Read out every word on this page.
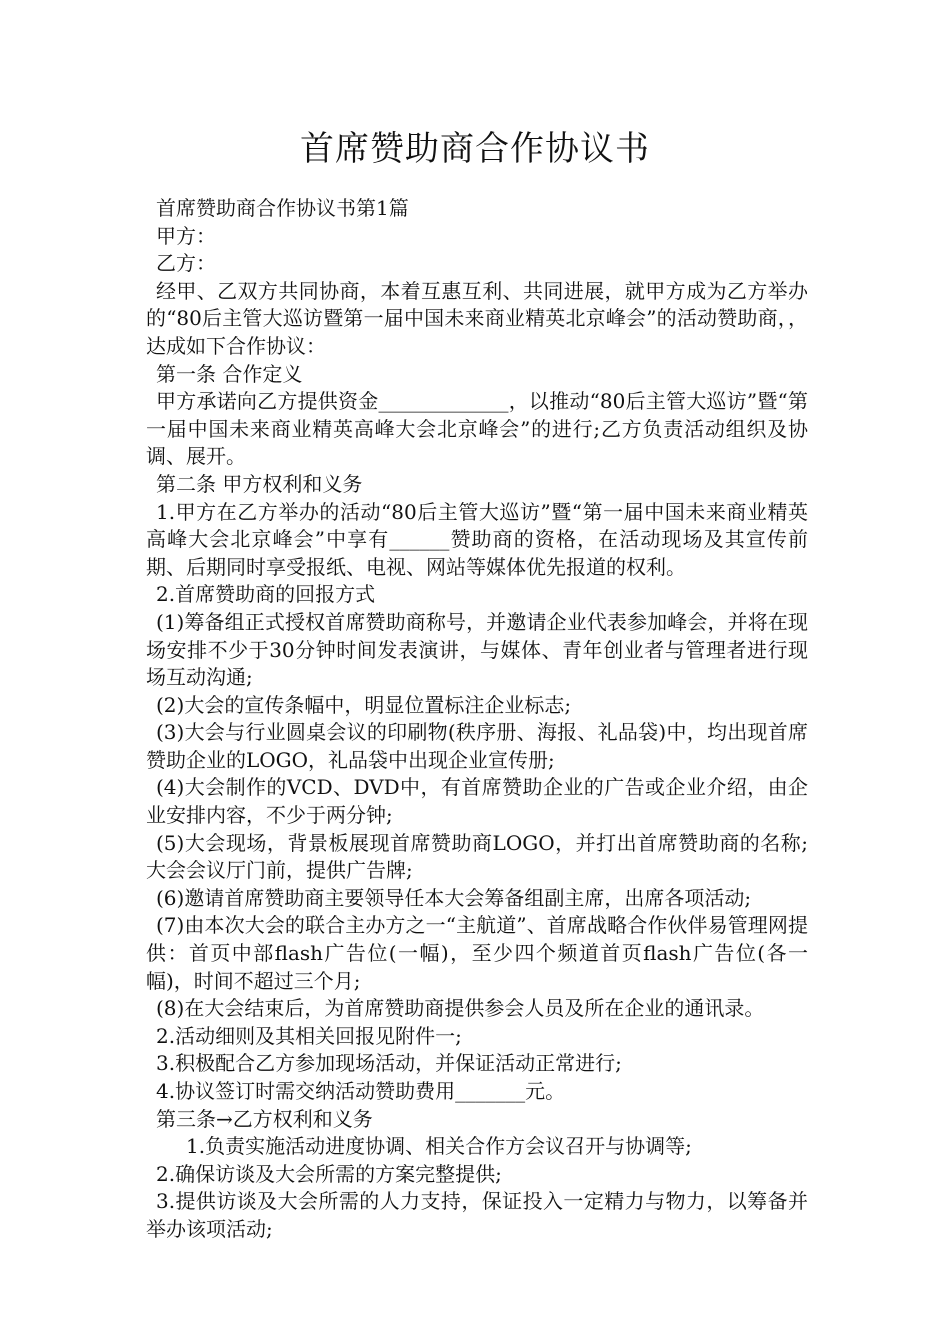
首席赞助商合作协议书

首席赞助商合作协议书第1篇

甲方：

乙方：

经甲、乙双方共同协商，本着互惠互利、共同进展，就甲方成为乙方举办的“80后主管大巡访暨第一届中国未来商业精英北京峰会”的活动赞助商，，达成如下合作协议：

第一条 合作定义

甲方承诺向乙方提供资金_____________，以推动“80后主管大巡访”暨“第一届中国未来商业精英高峰大会北京峰会”的进行;乙方负责活动组织及协调、展开。

第二条 甲方权利和义务

1.甲方在乙方举办的活动“80后主管大巡访”暨“第一届中国未来商业精英高峰大会北京峰会”中享有______赞助商的资格，在活动现场及其宣传前期、后期同时享受报纸、电视、网站等媒体优先报道的权利。

2.首席赞助商的回报方式

(1)筹备组正式授权首席赞助商称号，并邀请企业代表参加峰会，并将在现场安排不少于30分钟时间发表演讲，与媒体、青年创业者与管理者进行现场互动沟通;

(2)大会的宣传条幅中，明显位置标注企业标志;

(3)大会与行业圆桌会议的印刷物(秩序册、海报、礼品袋)中，均出现首席赞助企业的LOGO，礼品袋中出现企业宣传册;

(4)大会制作的VCD、DVD中，有首席赞助企业的广告或企业介绍，由企业安排内容，不少于两分钟;

(5)大会现场，背景板展现首席赞助商LOGO，并打出首席赞助商的名称;大会会议厅门前，提供广告牌;

(6)邀请首席赞助商主要领导任本大会筹备组副主席，出席各项活动;

(7)由本次大会的联合主办方之一“主航道”、首席战略合作伙伴易管理网提供：首页中部flash广告位(一幅)，至少四个频道首页flash广告位(各一幅)，时间不超过三个月;

(8)在大会结束后，为首席赞助商提供参会人员及所在企业的通讯录。

2.活动细则及其相关回报见附件一;

3.积极配合乙方参加现场活动，并保证活动正常进行;

4.协议签订时需交纳活动赞助费用_______元。

第三条→乙方权利和义务

1.负责实施活动进度协调、相关合作方会议召开与协调等;

2.确保访谈及大会所需的方案完整提供;

3.提供访谈及大会所需的人力支持，保证投入一定精力与物力，以筹备并举办该项活动;
